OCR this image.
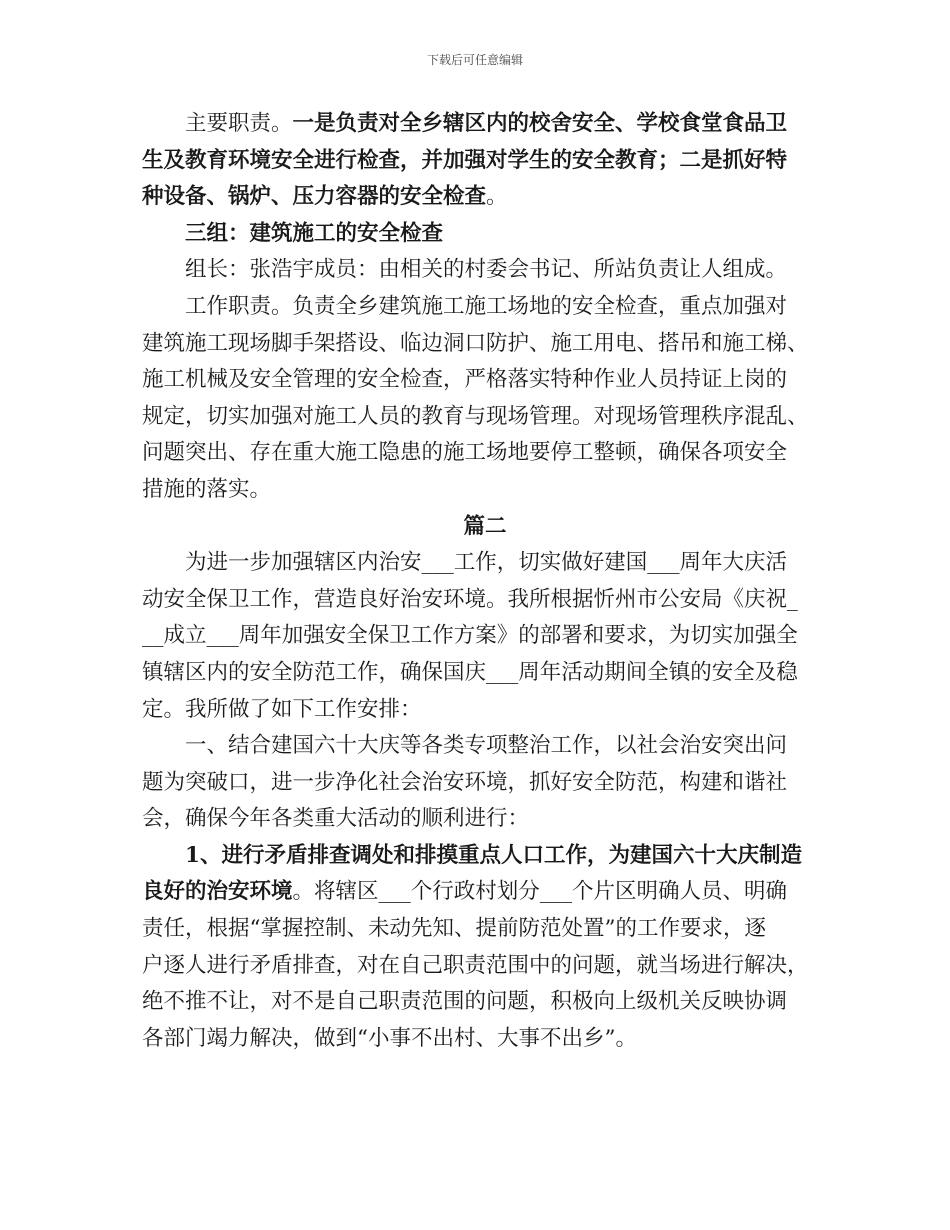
下载后可任意编辑
主要职责。 一是负责对全乡辖区内的校舍安全、学校食堂食品卫
生及教育环境安全进行检查，并加强对学生的安全教育；二是抓好特
种设备、锅炉、压力容器的安全检查 。
三组：建筑施工的安全检查
组长：张浩宇成员：由相关的村委会书记、所站负责让人组成。
工作职责。负责全乡建筑施工施工场地的安全检查，重点加强对
建筑施工现场脚手架搭设、临边洞口防护、施工用电、搭吊和施工梯、
施工机械及安全管理的安全检查，严格落实特种作业人员持证上岗的
规定，切实加强对施工人员的教育与现场管理。对现场管理秩序混乱、
问题突出、存在重大施工隐患的施工场地要停工整顿，确保各项安全
措施的落实。
篇二
为进一步加强辖区内治安___工作，切实做好建国___周年大庆活
动安全保卫工作，营造良好治安环境。我所根据忻州市公安局《庆祝_
__成立___周年加强安全保卫工作方案》的部署和要求，为切实加强全
镇辖区内的安全防范工作，确保国庆___周年活动期间全镇的安全及稳
定。我所做了如下工作安排：
一、结合建国六十大庆等各类专项整治工作，以社会治安突出问
题为突破口，进一步净化社会治安环境，抓好安全防范，构建和谐社
会，确保今年各类重大活动的顺利进行：
1、进行矛盾排查调处和排摸重点人口工作，为建国六十大庆制造
良好的治安环境 。将辖区___个行政村划分___个片区明确人员、明确
责任，根据“掌握控制、未动先知、提前防范处置”的工作要求，逐
户逐人进行矛盾排查，对在自己职责范围中的问题，就当场进行解决，
绝不推不让，对不是自己职责范围的问题，积极向上级机关反映协调
各部门竭力解决，做到“小事不出村、大事不出乡”。
